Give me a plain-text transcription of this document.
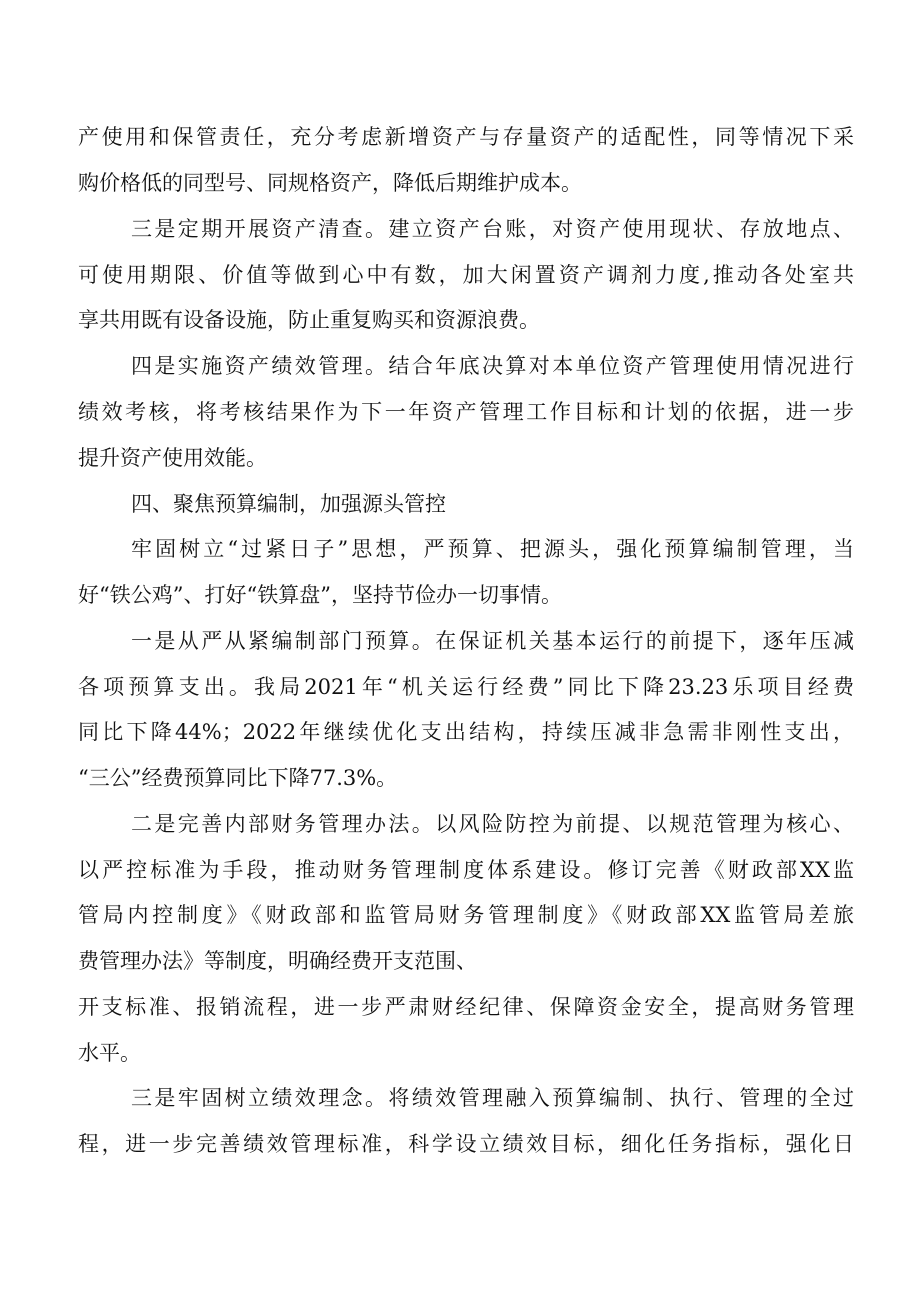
产使用和保管责任，充分考虑新增资产与存量资产的适配性，同等情况下采
购价格低的同型号、同规格资产，降低后期维护成本。
三是定期开展资产清查。建立资产台账，对资产使用现状、存放地点、
可使用期限、价值等做到心中有数，加大闲置资产调剂力度,推动各处室共
享共用既有设备设施，防止重复购买和资源浪费。
四是实施资产绩效管理。结合年底决算对本单位资产管理使用情况进行
绩效考核，将考核结果作为下一年资产管理工作目标和计划的依据，进一步
提升资产使用效能。
四、聚焦预算编制，加强源头管控
牢固树立“过紧日子”思想，严预算、把源头，强化预算编制管理，当
好“铁公鸡”、打好“铁算盘”，坚持节俭办一切事情。
一是从严从紧编制部门预算。在保证机关基本运行的前提下，逐年压减
各项预算支出。我局2021年“机关运行经费”同比下降23.23乐项目经费
同比下降44%；2022年继续优化支出结构，持续压减非急需非刚性支出，
“三公”经费预算同比下降77.3%。
二是完善内部财务管理办法。以风险防控为前提、以规范管理为核心、
以严控标准为手段，推动财务管理制度体系建设。修订完善《财政部XX监
管局内控制度》《财政部和监管局财务管理制度》《财政部XX监管局差旅
费管理办法》等制度，明确经费开支范围、
开支标准、报销流程，进一步严肃财经纪律、保障资金安全，提高财务管理
水平。
三是牢固树立绩效理念。将绩效管理融入预算编制、执行、管理的全过
程，进一步完善绩效管理标准，科学设立绩效目标，细化任务指标，强化日
